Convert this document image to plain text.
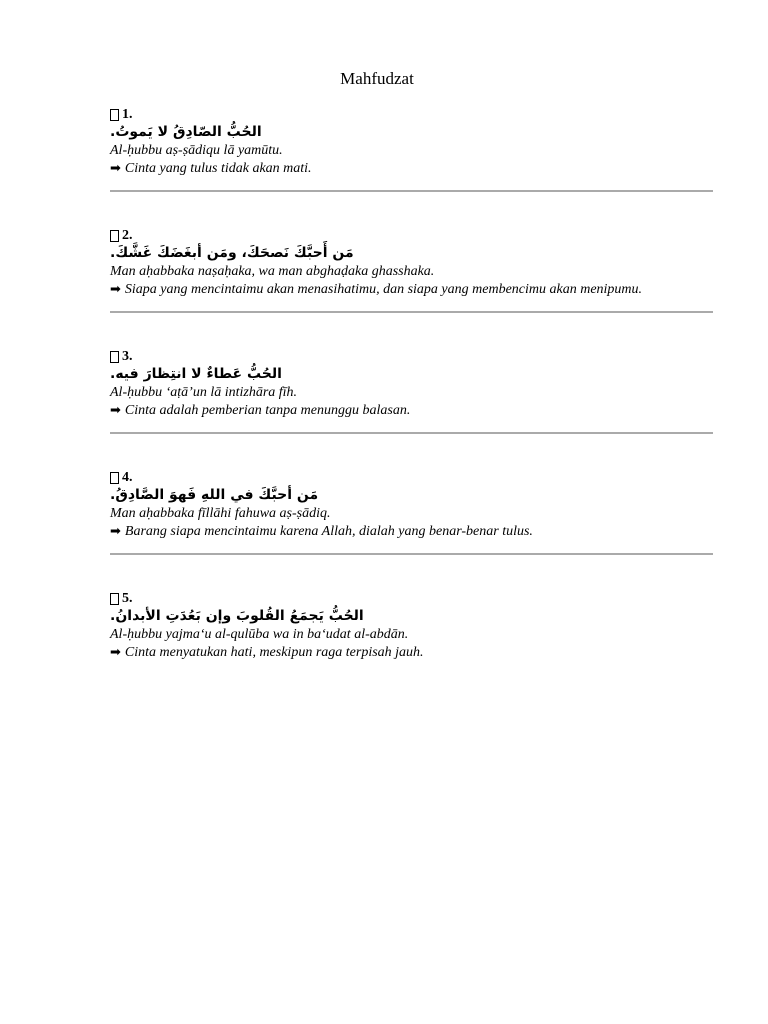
Mahfudzat
1.
الحُبُّ الصّادِقُ لا يَموتُ.
Al-ḥubbu aṣ-ṣādiqu lā yamūtu.
➡ Cinta yang tulus tidak akan mati.
2.
مَن أَحبَّكَ نَصحَكَ، ومَن أبغَضَكَ غَشَّكَ.
Man aḥabbaka naṣaḥaka, wa man abghaḍaka ghasshaka.
➡ Siapa yang mencintaimu akan menasihatimu, dan siapa yang membencimu akan menipumu.
3.
الحُبُّ عَطاءٌ لا انتِظارَ فيه.
Al-ḥubbu ‘aṭā’un lā intizhāra fīh.
➡ Cinta adalah pemberian tanpa menunggu balasan.
4.
مَن أحبَّكَ في اللهِ فَهوَ الصَّادِقُ.
Man aḥabbaka fīllāhi fahuwa aṣ-ṣādiq.
➡ Barang siapa mencintaimu karena Allah, dialah yang benar-benar tulus.
5.
الحُبُّ يَجمَعُ القُلوبَ وإن بَعُدَتِ الأبدانُ.
Al-ḥubbu yajma‘u al-qulūba wa in ba‘udat al-abdān.
➡ Cinta menyatukan hati, meskipun raga terpisah jauh.
